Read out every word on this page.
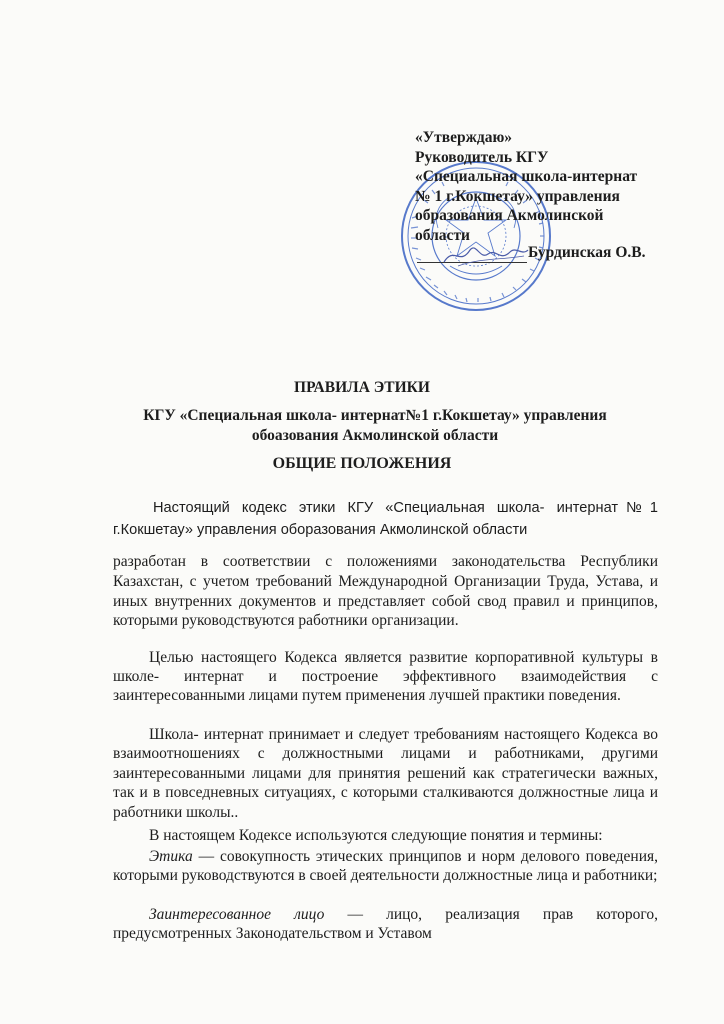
«Утверждаю»
Руководитель КГУ
«Специальная школа-интернат
№ 1 г.Кокшетау» управления
образования Акмолинской
области
Бурдинская О.В.
ПРАВИЛА ЭТИКИ
КГУ «Специальная школа- интернат№1 г.Кокшетау» управления обоазования Акмолинской области
ОБЩИЕ ПОЛОЖЕНИЯ
Настоящий кодекс этики КГУ «Специальная школа- интернат№1 г.Кокшетау» управления оборазования Акмолинской области
разработан в соответствии с положениями законодательства Республики Казахстан, с учетом требований Международной Организации Труда, Устава, и иных внутренних документов и представляет собой свод правил и принципов, которыми руководствуются работники организации.
Целью настоящего Кодекса является развитие корпоративной культуры в школе- интернат и построение эффективного взаимодействия с заинтересованными лицами путем применения лучшей практики поведения.
Школа- интернат принимает и следует требованиям настоящего Кодекса во взаимоотношениях с должностными лицами и работниками, другими заинтересованными лицами для принятия решений как стратегически важных, так и в повседневных ситуациях, с которыми сталкиваются должностные лица и работники школы..
В настоящем Кодексе используются следующие понятия и термины:
Этика — совокупность этических принципов и норм делового поведения, которыми руководствуются в своей деятельности должностные лица и работники;
Заинтересованное лицо — лицо, реализация прав которого, предусмотренных Законодательством и Уставом
